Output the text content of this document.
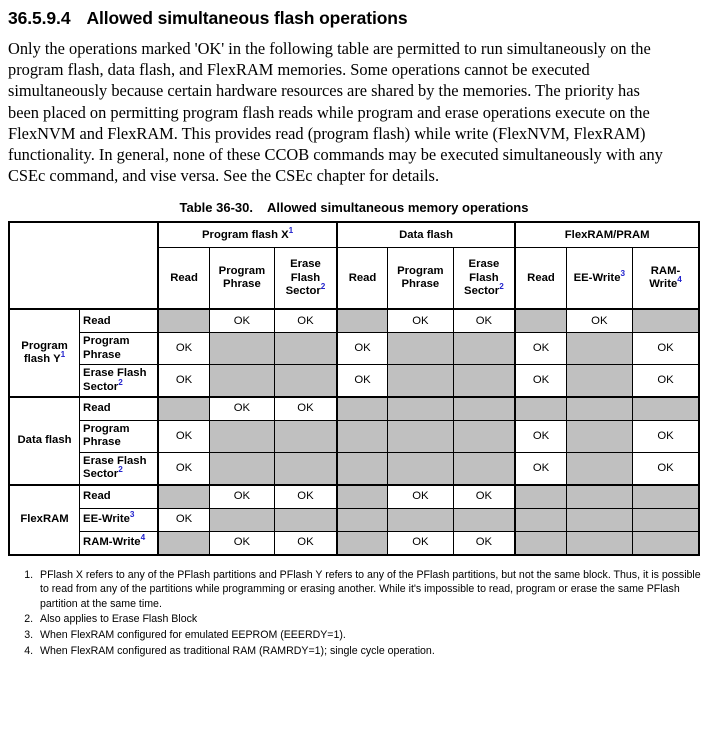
36.5.9.4 Allowed simultaneous flash operations

Only the operations marked 'OK' in the following table are permitted to run simultaneously on the program flash, data flash, and FlexRAM memories. Some operations cannot be executed simultaneously because certain hardware resources are shared by the memories. The priority has been placed on permitting program flash reads while program and erase operations execute on the FlexNVM and FlexRAM. This provides read (program flash) while write (FlexNVM, FlexRAM) functionality. In general, none of these CCOB commands may be executed simultaneously with any CSEc command, and vise versa. See the CSEc chapter for details.

Table 36-30. Allowed simultaneous memory operations
		Program flash $X^1$			Data flash			FlexRAM/PRAM		
		Read	Program Phrase	Erase Flash Sector$^2$	Read	Program Phrase	Erase Flash Sector$^2$	Read	EE-Write$^3$	RAM-Write$^4$
Program flash $Y^1$	Read		OK	OK		OK	OK		OK	
	Program Phrase	OK			OK			OK		OK
	Erase Flash Sector$^2$	OK			OK			OK		OK
Data flash	Read		OK	OK						
	Program Phrase	OK						OK		OK
	Erase Flash Sector$^2$	OK						OK		OK
FlexRAM	Read		OK	OK		OK	OK			
	EE-Write$^3$	OK								
	RAM-Write$^4$		OK	OK		OK	OK			
1. PFlash X refers to any of the PFlash partitions and PFlash Y refers to any of the PFlash partitions, but not the same block. Thus, it is possible to read from any of the partitions while programming or erasing another. While it's impossible to read, program or erase the same PFlash partition at the same time.
2. Also applies to Erase Flash Block
3. When FlexRAM configured for emulated EEPROM (EEERDY=1).
4. When FlexRAM configured as traditional RAM (RAMRDY=1); single cycle operation.
